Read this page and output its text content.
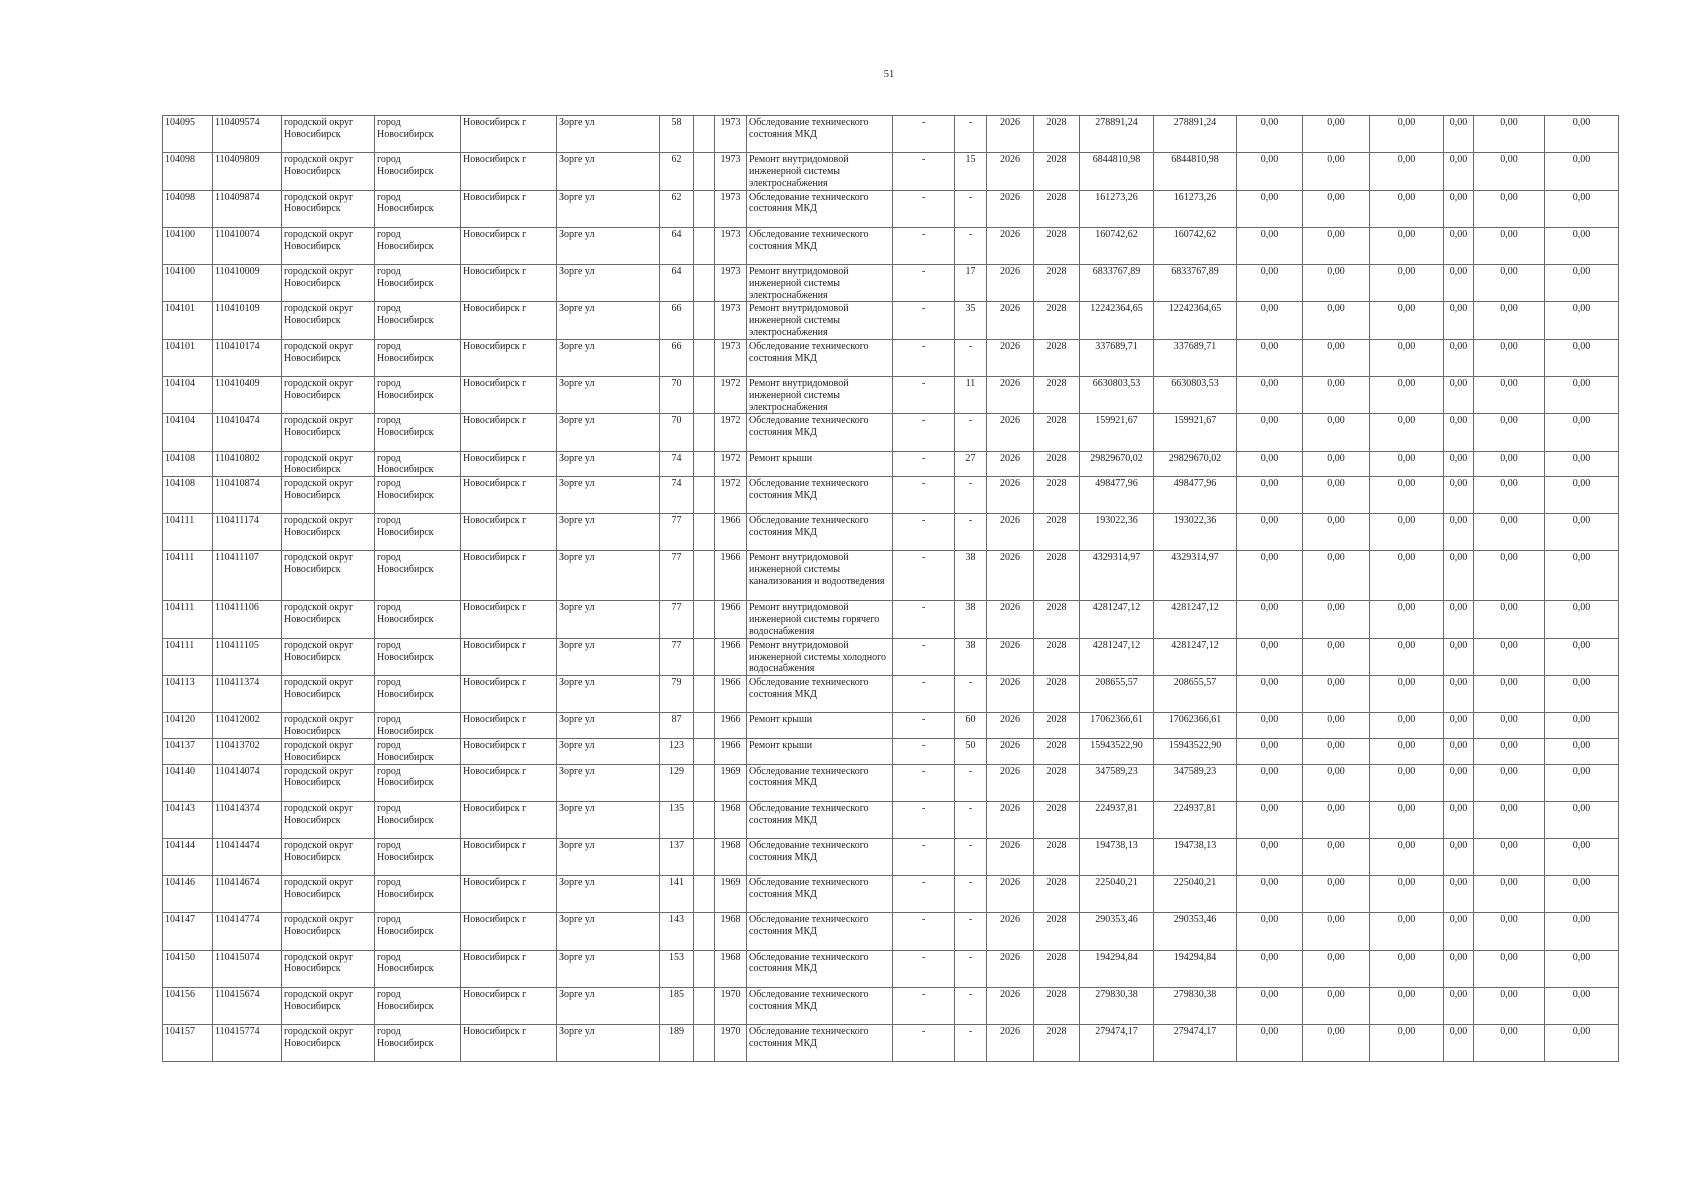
51
104095	110409574	городской округ Новосибирск	город Новосибирск	Новосибирск г	Зорге ул	58		1973	Обследование технического состояния МКД	-	-	2026	2028	278891,24	278891,24	0,00	0,00	0,00	0,00	0,00	0,00
104098	110409809	городской округ Новосибирск	город Новосибирск	Новосибирск г	Зорге ул	62		1973	Ремонт внутридомовой инженерной системы электроснабжения	-	15	2026	2028	6844810,98	6844810,98	0,00	0,00	0,00	0,00	0,00	0,00
104098	110409874	городской округ Новосибирск	город Новосибирск	Новосибирск г	Зорге ул	62		1973	Обследование технического состояния МКД	-	-	2026	2028	161273,26	161273,26	0,00	0,00	0,00	0,00	0,00	0,00
104100	110410074	городской округ Новосибирск	город Новосибирск	Новосибирск г	Зорге ул	64		1973	Обследование технического состояния МКД	-	-	2026	2028	160742,62	160742,62	0,00	0,00	0,00	0,00	0,00	0,00
104100	110410009	городской округ Новосибирск	город Новосибирск	Новосибирск г	Зорге ул	64		1973	Ремонт внутридомовой инженерной системы электроснабжения	-	17	2026	2028	6833767,89	6833767,89	0,00	0,00	0,00	0,00	0,00	0,00
104101	110410109	городской округ Новосибирск	город Новосибирск	Новосибирск г	Зорге ул	66		1973	Ремонт внутридомовой инженерной системы электроснабжения	-	35	2026	2028	12242364,65	12242364,65	0,00	0,00	0,00	0,00	0,00	0,00
104101	110410174	городской округ Новосибирск	город Новосибирск	Новосибирск г	Зорге ул	66		1973	Обследование технического состояния МКД	-	-	2026	2028	337689,71	337689,71	0,00	0,00	0,00	0,00	0,00	0,00
104104	110410409	городской округ Новосибирск	город Новосибирск	Новосибирск г	Зорге ул	70		1972	Ремонт внутридомовой инженерной системы электроснабжения	-	11	2026	2028	6630803,53	6630803,53	0,00	0,00	0,00	0,00	0,00	0,00
104104	110410474	городской округ Новосибирск	город Новосибирск	Новосибирск г	Зорге ул	70		1972	Обследование технического состояния МКД	-	-	2026	2028	159921,67	159921,67	0,00	0,00	0,00	0,00	0,00	0,00
104108	110410802	городской округ Новосибирск	город Новосибирск	Новосибирск г	Зорге ул	74		1972	Ремонт крыши	-	27	2026	2028	29829670,02	29829670,02	0,00	0,00	0,00	0,00	0,00	0,00
104108	110410874	городской округ Новосибирск	город Новосибирск	Новосибирск г	Зорге ул	74		1972	Обследование технического состояния МКД	-	-	2026	2028	498477,96	498477,96	0,00	0,00	0,00	0,00	0,00	0,00
104111	110411174	городской округ Новосибирск	город Новосибирск	Новосибирск г	Зорге ул	77		1966	Обследование технического состояния МКД	-	-	2026	2028	193022,36	193022,36	0,00	0,00	0,00	0,00	0,00	0,00
104111	110411107	городской округ Новосибирск	город Новосибирск	Новосибирск г	Зорге ул	77		1966	Ремонт внутридомовой инженерной системы канализования и водоотведения	-	38	2026	2028	4329314,97	4329314,97	0,00	0,00	0,00	0,00	0,00	0,00
104111	110411106	городской округ Новосибирск	город Новосибирск	Новосибирск г	Зорге ул	77		1966	Ремонт внутридомовой инженерной системы горячего водоснабжения	-	38	2026	2028	4281247,12	4281247,12	0,00	0,00	0,00	0,00	0,00	0,00
104111	110411105	городской округ Новосибирск	город Новосибирск	Новосибирск г	Зорге ул	77		1966	Ремонт внутридомовой инженерной системы холодного водоснабжения	-	38	2026	2028	4281247,12	4281247,12	0,00	0,00	0,00	0,00	0,00	0,00
104113	110411374	городской округ Новосибирск	город Новосибирск	Новосибирск г	Зорге ул	79		1966	Обследование технического состояния МКД	-	-	2026	2028	208655,57	208655,57	0,00	0,00	0,00	0,00	0,00	0,00
104120	110412002	городской округ Новосибирск	город Новосибирск	Новосибирск г	Зорге ул	87		1966	Ремонт крыши	-	60	2026	2028	17062366,61	17062366,61	0,00	0,00	0,00	0,00	0,00	0,00
104137	110413702	городской округ Новосибирск	город Новосибирск	Новосибирск г	Зорге ул	123		1966	Ремонт крыши	-	50	2026	2028	15943522,90	15943522,90	0,00	0,00	0,00	0,00	0,00	0,00
104140	110414074	городской округ Новосибирск	город Новосибирск	Новосибирск г	Зорге ул	129		1969	Обследование технического состояния МКД	-	-	2026	2028	347589,23	347589,23	0,00	0,00	0,00	0,00	0,00	0,00
104143	110414374	городской округ Новосибирск	город Новосибирск	Новосибирск г	Зорге ул	135		1968	Обследование технического состояния МКД	-	-	2026	2028	224937,81	224937,81	0,00	0,00	0,00	0,00	0,00	0,00
104144	110414474	городской округ Новосибирск	город Новосибирск	Новосибирск г	Зорге ул	137		1968	Обследование технического состояния МКД	-	-	2026	2028	194738,13	194738,13	0,00	0,00	0,00	0,00	0,00	0,00
104146	110414674	городской округ Новосибирск	город Новосибирск	Новосибирск г	Зорге ул	141		1969	Обследование технического состояния МКД	-	-	2026	2028	225040,21	225040,21	0,00	0,00	0,00	0,00	0,00	0,00
104147	110414774	городской округ Новосибирск	город Новосибирск	Новосибирск г	Зорге ул	143		1968	Обследование технического состояния МКД	-	-	2026	2028	290353,46	290353,46	0,00	0,00	0,00	0,00	0,00	0,00
104150	110415074	городской округ Новосибирск	город Новосибирск	Новосибирск г	Зорге ул	153		1968	Обследование технического состояния МКД	-	-	2026	2028	194294,84	194294,84	0,00	0,00	0,00	0,00	0,00	0,00
104156	110415674	городской округ Новосибирск	город Новосибирск	Новосибирск г	Зорге ул	185		1970	Обследование технического состояния МКД	-	-	2026	2028	279830,38	279830,38	0,00	0,00	0,00	0,00	0,00	0,00
104157	110415774	городской округ Новосибирск	город Новосибирск	Новосибирск г	Зорге ул	189		1970	Обследование технического состояния МКД	-	-	2026	2028	279474,17	279474,17	0,00	0,00	0,00	0,00	0,00	0,00
